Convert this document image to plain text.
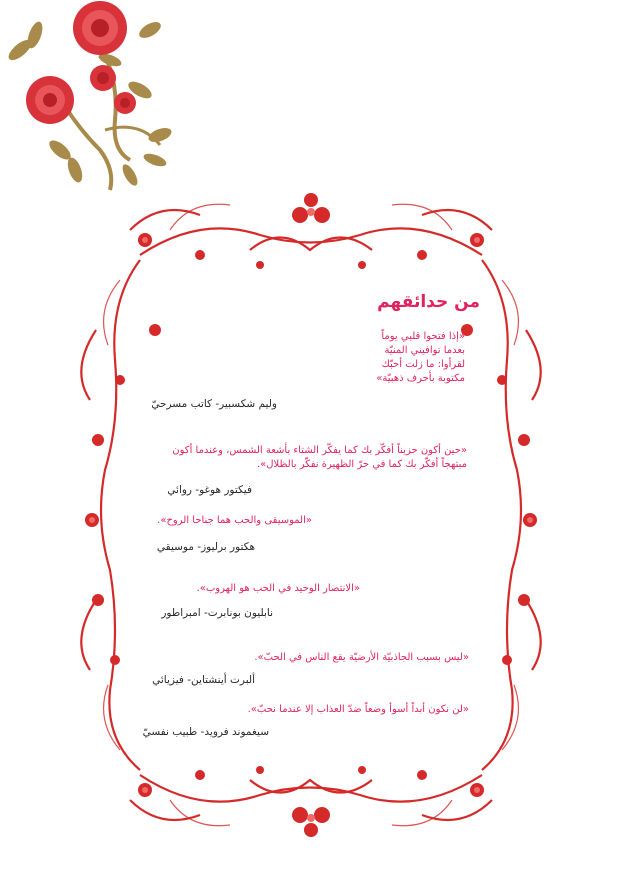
من حدائقهم
«إذا فتحوا قلبي يوماً
بعدما توافيني المنيّة
لقرأوا: ما زلت أحبّك
مكتوبة بأحرف ذهبيّة»
وليم شكسبير- كاتب مسرحيّ
«حين أكون حزيناً أفكّر بك كما يفكّر الشتاء بأشعة الشمس، وعندما أكون مبتهجاً أفكّر بك كما في حرّ الظهيرة نفكّر بالظلال».
فيكتور هوغو- روائي
«الموسيقى والحب هما جناحا الروح».
هكتور برليوز- موسيقي
«الانتصار الوحيد في الحب هو الهروب».
نابليون بونابرت- امبراطور
«ليس بسبب الجاذبيّة الأرضيّة يقع الناس في الحبّ».
ألبرت أينشتاين- فيزيائي
«لن نكون أبداً أسوأ وضعاً ضدّ العذاب إلا عندما نحبّ».
سيغموند فرويد- طبيب نفسيّ
